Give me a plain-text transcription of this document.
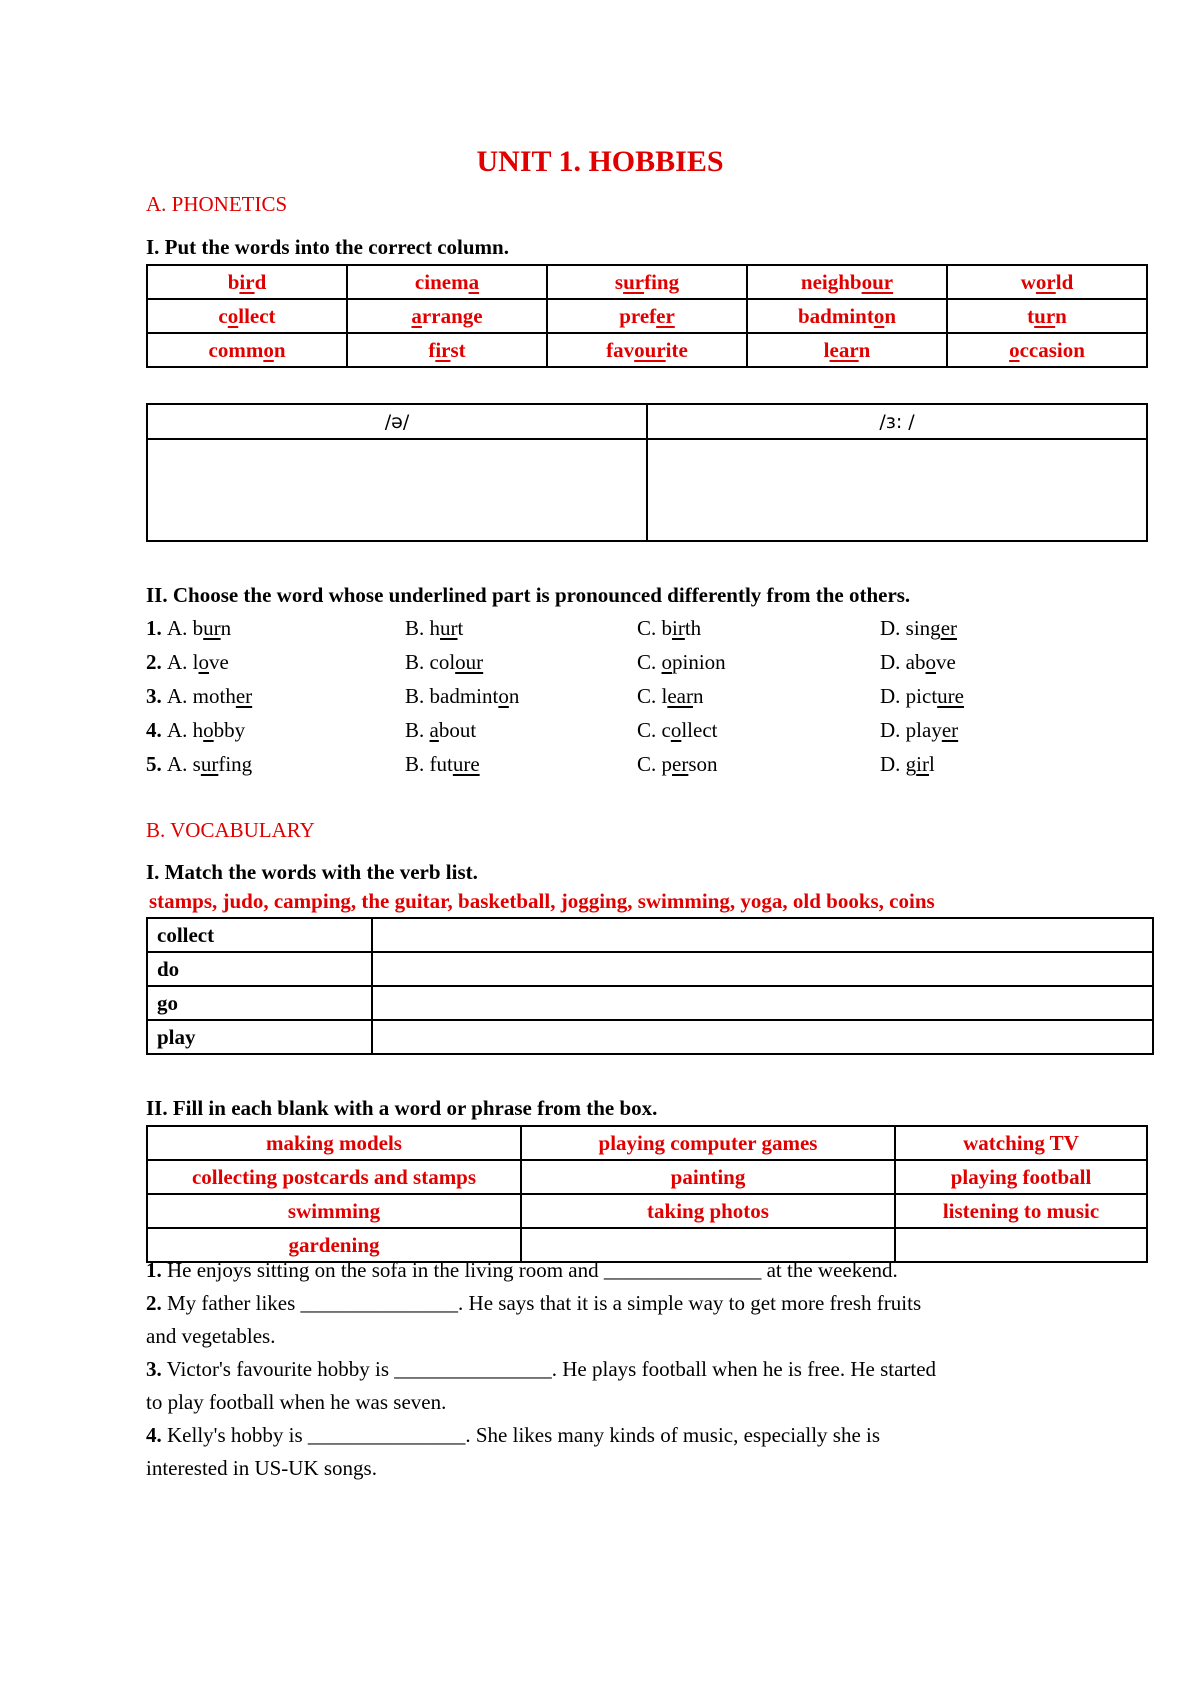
UNIT 1. HOBBIES
A. PHONETICS
I. Put the words into the correct column.
bird	cinema	surfing	neighbour	world
collect	arrange	prefer	badminton	turn
common	first	favourite	learn	occasion
/ə/	/ɜ: /

II. Choose the word whose underlined part is pronounced differently from the others.
1. A. burn	B. hurt	C. birth	D. singer
2. A. love	B. colour	C. opinion	D. above
3. A. mother	B. badminton	C. learn	D. picture
4. A. hobby	B. about	C. collect	D. player
5. A. surfing	B. future	C. person	D. girl
B. VOCABULARY
I. Match the words with the verb list.
stamps, judo, camping, the guitar, basketball, jogging, swimming, yoga, old books, coins
collect	
do	
go	
play	
II. Fill in each blank with a word or phrase from the box.
making models	playing computer games	watching TV
collecting postcards and stamps	painting	playing football
swimming	taking photos	listening to music
gardening		
1. He enjoys sitting on the sofa in the living room and _______________ at the weekend.
2. My father likes _______________. He says that it is a simple way to get more fresh fruits
and vegetables.
3. Victor's favourite hobby is _______________. He plays football when he is free. He started
to play football when he was seven.
4. Kelly's hobby is _______________. She likes many kinds of music, especially she is
interested in US-UK songs.
